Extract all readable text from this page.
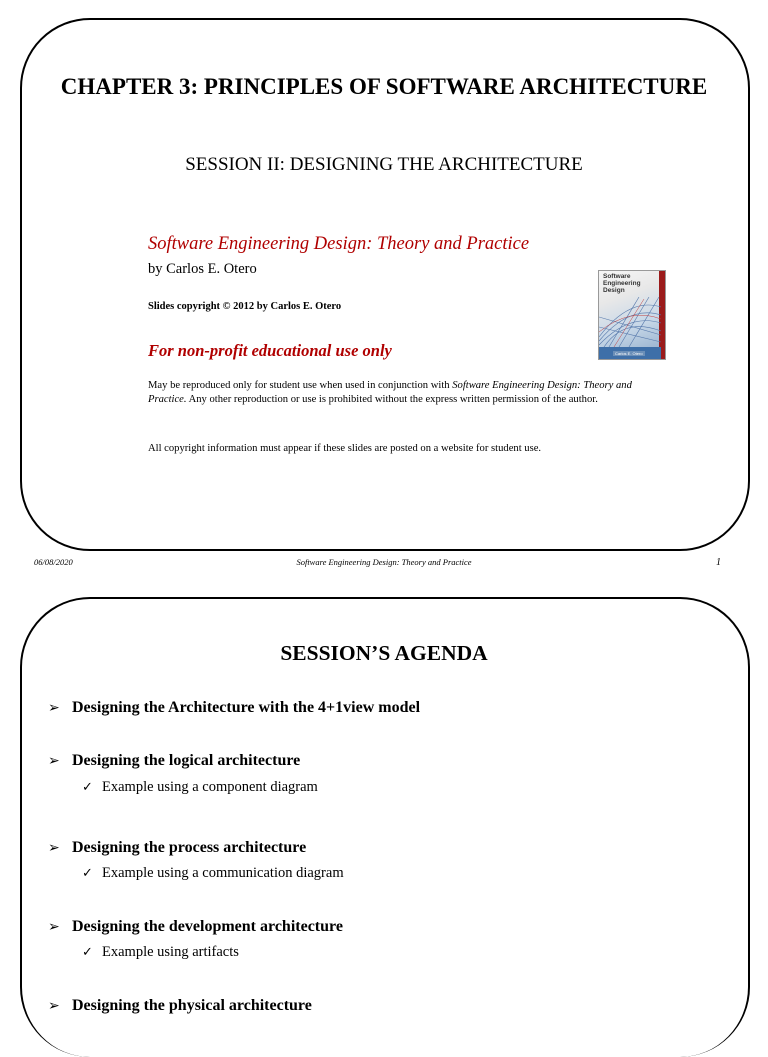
CHAPTER 3: PRINCIPLES OF SOFTWARE ARCHITECTURE
SESSION II: DESIGNING THE ARCHITECTURE
Software Engineering Design: Theory and Practice
by Carlos E. Otero
Slides copyright © 2012 by Carlos E. Otero
For non-profit educational use only
May be reproduced only for student use when used in conjunction with Software Engineering Design: Theory and Practice. Any other reproduction or use is prohibited without the express written permission of the author.
All copyright information must appear if these slides are posted on a website for student use.
Software
Engineering
Design
Carlos E. Otero
06/08/2020	Software Engineering Design: Theory and Practice	1
SESSION’S AGENDA
➢ Designing the Architecture with the 4+1view model
➢ Designing the logical architecture
✓ Example using a component diagram
➢ Designing the process architecture
✓ Example using a communication diagram
➢ Designing the development architecture
✓ Example using artifacts
➢ Designing the physical architecture
